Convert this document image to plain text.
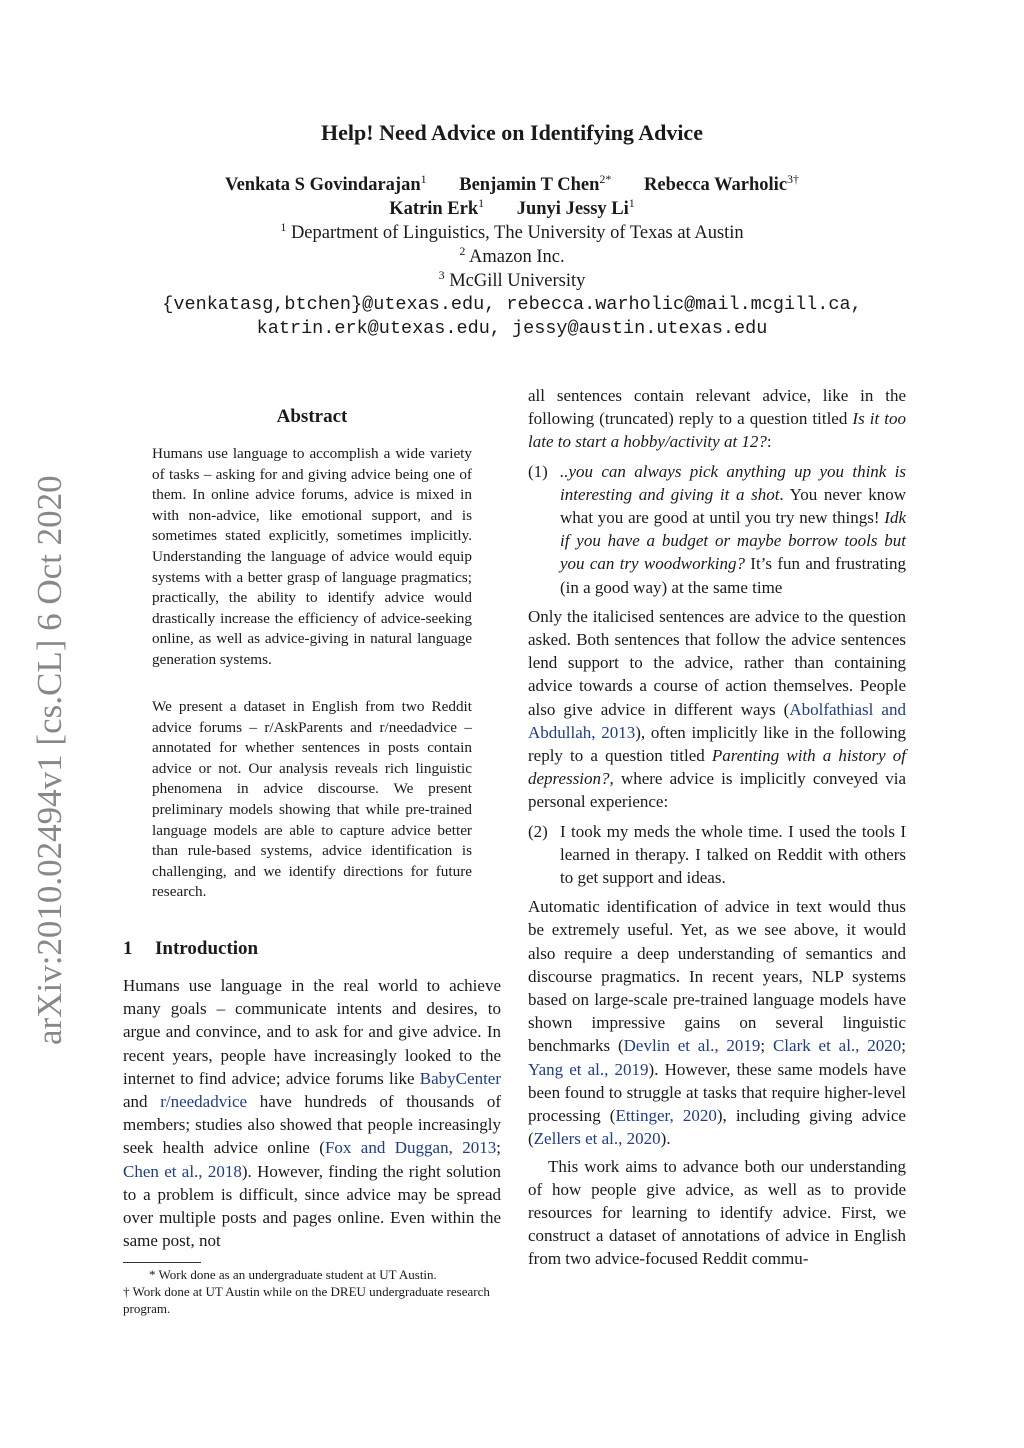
Help! Need Advice on Identifying Advice
Venkata S Govindarajan$^1$ Benjamin T Chen$^{2*}$ Rebecca Warholic$^{3\dagger}$
Katrin Erk$^1$ Junyi Jessy Li$^1$
$^1$ Department of Linguistics, The University of Texas at Austin
$^2$ Amazon Inc.
$^3$ McGill University
{venkatasg,btchen}@utexas.edu, rebecca.warholic@mail.mcgill.ca,
katrin.erk@utexas.edu, jessy@austin.utexas.edu
arXiv:2010.02494v1 [cs.CL] 6 Oct 2020
Abstract

Humans use language to accomplish a wide variety of tasks – asking for and giving advice being one of them. In online advice forums, advice is mixed in with non-advice, like emotional support, and is sometimes stated explicitly, sometimes implicitly. Understanding the language of advice would equip systems with a better grasp of language pragmatics; practically, the ability to identify advice would drastically increase the efficiency of advice-seeking online, as well as advice-giving in natural language generation systems.

We present a dataset in English from two Reddit advice forums – r/AskParents and r/needadvice – annotated for whether sentences in posts contain advice or not. Our analysis reveals rich linguistic phenomena in advice discourse. We present preliminary models showing that while pre-trained language models are able to capture advice better than rule-based systems, advice identification is challenging, and we identify directions for future research.

1 Introduction

Humans use language in the real world to achieve many goals – communicate intents and desires, to argue and convince, and to ask for and give advice. In recent years, people have increasingly looked to the internet to find advice; advice forums like BabyCenter and r/needadvice have hundreds of thousands of members; studies also showed that people increasingly seek health advice online (Fox and Duggan, 2013; Chen et al., 2018). However, finding the right solution to a problem is difficult, since advice may be spread over multiple posts and pages online. Even within the same post, not

* Work done as an undergraduate student at UT Austin.
† Work done at UT Austin while on the DREU undergraduate research program.

all sentences contain relevant advice, like in the following (truncated) reply to a question titled Is it too late to start a hobby/activity at 12?:

(1) ..you can always pick anything up you think is interesting and giving it a shot. You never know what you are good at until you try new things! Idk if you have a budget or maybe borrow tools but you can try woodworking? It’s fun and frustrating (in a good way) at the same time

Only the italicised sentences are advice to the question asked. Both sentences that follow the advice sentences lend support to the advice, rather than containing advice towards a course of action themselves. People also give advice in different ways (Abolfathiasl and Abdullah, 2013), often implicitly like in the following reply to a question titled Parenting with a history of depression?, where advice is implicitly conveyed via personal experience:

(2) I took my meds the whole time. I used the tools I learned in therapy. I talked on Reddit with others to get support and ideas.

Automatic identification of advice in text would thus be extremely useful. Yet, as we see above, it would also require a deep understanding of semantics and discourse pragmatics. In recent years, NLP systems based on large-scale pre-trained language models have shown impressive gains on several linguistic benchmarks (Devlin et al., 2019; Clark et al., 2020; Yang et al., 2019). However, these same models have been found to struggle at tasks that require higher-level processing (Ettinger, 2020), including giving advice (Zellers et al., 2020).

This work aims to advance both our understanding of how people give advice, as well as to provide resources for learning to identify advice. First, we construct a dataset of annotations of advice in English from two advice-focused Reddit commu-
